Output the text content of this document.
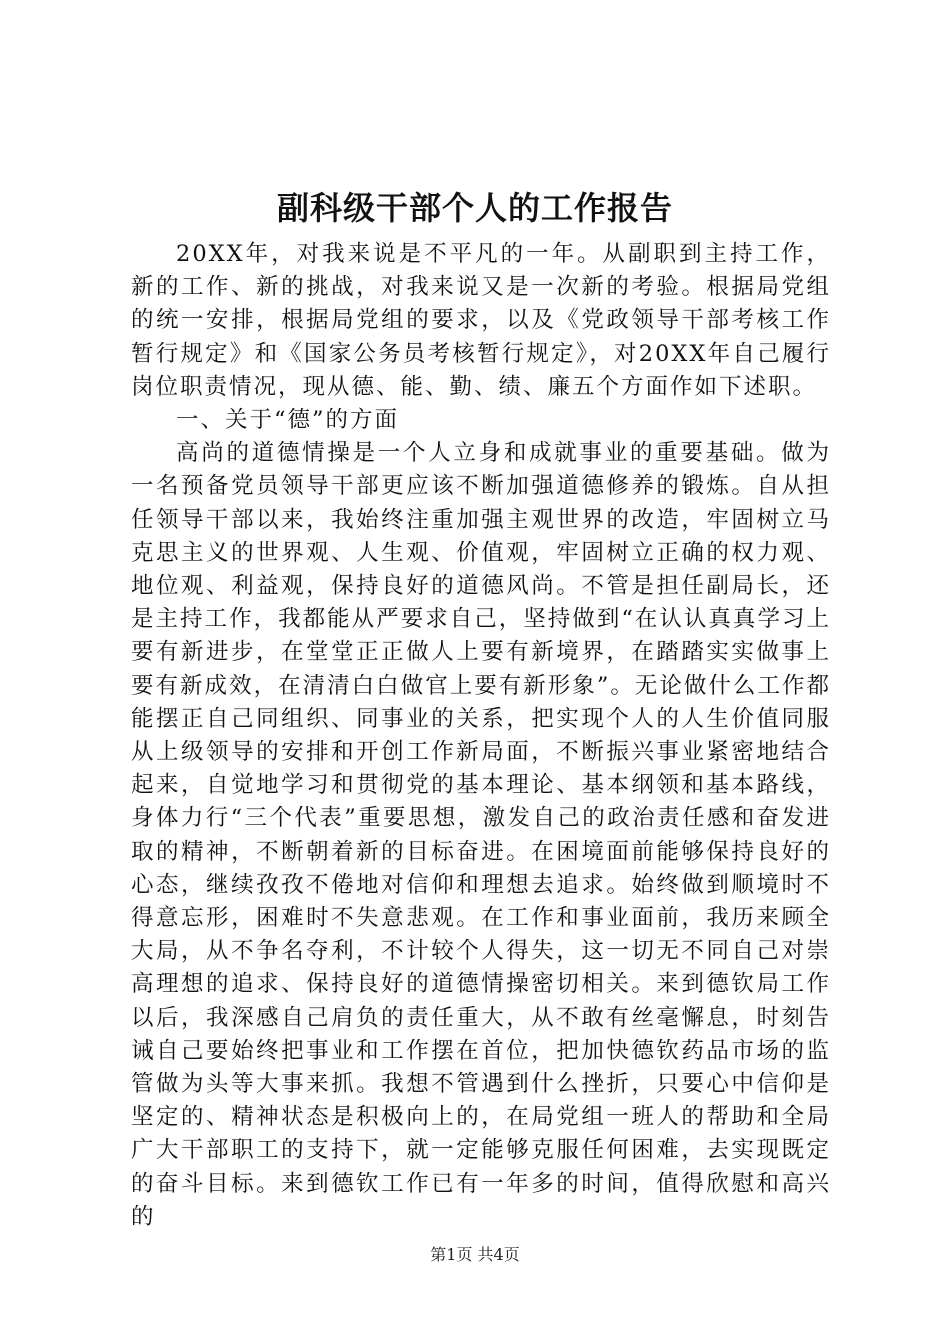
副科级干部个人的工作报告

20XX年，对我来说是不平凡的一年。从副职到主持工作，新的工作、新的挑战，对我来说又是一次新的考验。根据局党组的统一安排，根据局党组的要求，以及《党政领导干部考核工作暂行规定》和《国家公务员考核暂行规定》，对20XX年自己履行岗位职责情况，现从德、能、勤、绩、廉五个方面作如下述职。

一、关于“德”的方面

高尚的道德情操是一个人立身和成就事业的重要基础。做为一名预备党员领导干部更应该不断加强道德修养的锻炼。自从担任领导干部以来，我始终注重加强主观世界的改造，牢固树立马克思主义的世界观、人生观、价值观，牢固树立正确的权力观、地位观、利益观，保持良好的道德风尚。不管是担任副局长，还是主持工作，我都能从严要求自己，坚持做到“在认认真真学习上要有新进步，在堂堂正正做人上要有新境界，在踏踏实实做事上要有新成效，在清清白白做官上要有新形象”。无论做什么工作都能摆正自己同组织、同事业的关系，把实现个人的人生价值同服从上级领导的安排和开创工作新局面，不断振兴事业紧密地结合起来，自觉地学习和贯彻党的基本理论、基本纲领和基本路线，身体力行“三个代表”重要思想，激发自己的政治责任感和奋发进取的精神，不断朝着新的目标奋进。在困境面前能够保持良好的心态，继续孜孜不倦地对信仰和理想去追求。始终做到顺境时不得意忘形，困难时不失意悲观。在工作和事业面前，我历来顾全大局，从不争名夺利，不计较个人得失，这一切无不同自己对崇高理想的追求、保持良好的道德情操密切相关。来到德钦局工作以后，我深感自己肩负的责任重大，从不敢有丝毫懈息，时刻告诫自己要始终把事业和工作摆在首位，把加快德钦药品市场的监管做为头等大事来抓。我想不管遇到什么挫折，只要心中信仰是坚定的、精神状态是积极向上的，在局党组一班人的帮助和全局广大干部职工的支持下，就一定能够克服任何困难，去实现既定的奋斗目标。来到德钦工作已有一年多的时间，值得欣慰和高兴的

第1页 共4页
